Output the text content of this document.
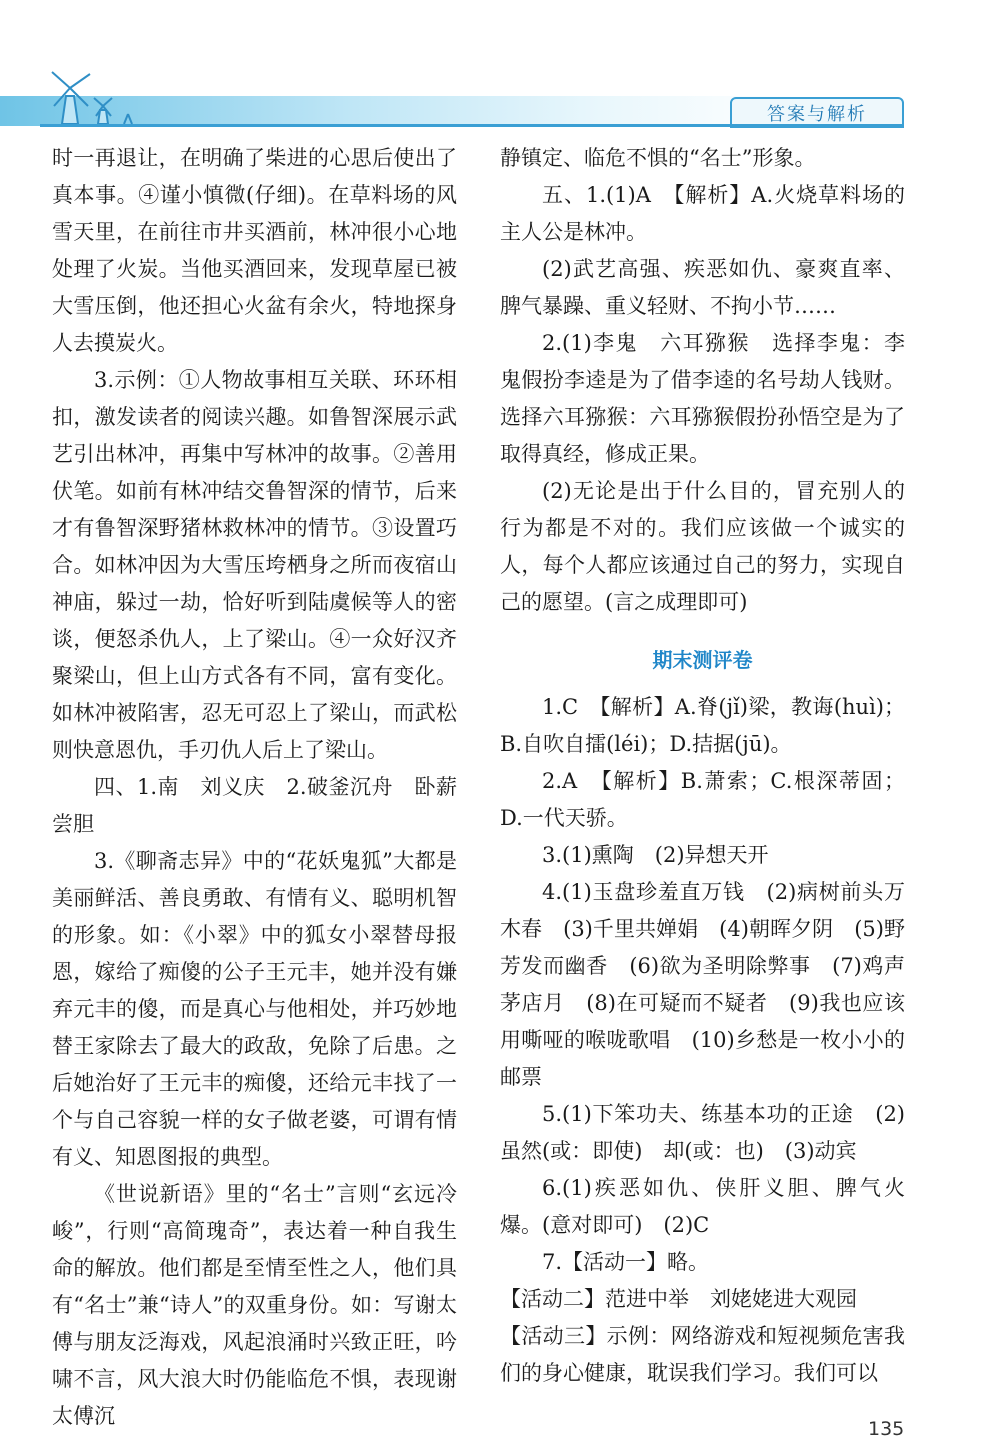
答案与解析

时一再退让，在明确了柴进的心思后使出了真本事。④谨小慎微(仔细)。在草料场的风雪天里，在前往市井买酒前，林冲很小心地处理了火炭。当他买酒回来，发现草屋已被大雪压倒，他还担心火盆有余火，特地探身人去摸炭火。

3.示例：①人物故事相互关联、环环相扣，激发读者的阅读兴趣。如鲁智深展示武艺引出林冲，再集中写林冲的故事。②善用伏笔。如前有林冲结交鲁智深的情节，后来才有鲁智深野猪林救林冲的情节。③设置巧合。如林冲因为大雪压垮栖身之所而夜宿山神庙，躲过一劫，恰好听到陆虞候等人的密谈，便怒杀仇人，上了梁山。④一众好汉齐聚梁山，但上山方式各有不同，富有变化。如林冲被陷害，忍无可忍上了梁山，而武松则快意恩仇，手刃仇人后上了梁山。

四、1.南　刘义庆　2.破釜沉舟　卧薪尝胆

3.《聊斋志异》中的“花妖鬼狐”大都是美丽鲜活、善良勇敢、有情有义、聪明机智的形象。如：《小翠》中的狐女小翠替母报恩，嫁给了痴傻的公子王元丰，她并没有嫌弃元丰的傻，而是真心与他相处，并巧妙地替王家除去了最大的政敌，免除了后患。之后她治好了王元丰的痴傻，还给元丰找了一个与自己容貌一样的女子做老婆，可谓有情有义、知恩图报的典型。

《世说新语》里的“名士”言则“玄远冷峻”，行则“高简瑰奇”，表达着一种自我生命的解放。他们都是至情至性之人，他们具有“名士”兼“诗人”的双重身份。如：写谢太傅与朋友泛海戏，风起浪涌时兴致正旺，吟啸不言，风大浪大时仍能临危不惧，表现谢太傅沉

静镇定、临危不惧的“名士”形象。

五、1.(1)A　【解析】A.火烧草料场的主人公是林冲。

(2)武艺高强、疾恶如仇、豪爽直率、脾气暴躁、重义轻财、不拘小节……

2.(1)李鬼　六耳猕猴　选择李鬼：李鬼假扮李逵是为了借李逵的名号劫人钱财。选择六耳猕猴：六耳猕猴假扮孙悟空是为了取得真经，修成正果。

(2)无论是出于什么目的，冒充别人的行为都是不对的。我们应该做一个诚实的人，每个人都应该通过自己的努力，实现自己的愿望。(言之成理即可)

期末测评卷

1.C　【解析】A.脊(jǐ)梁，教诲(huì)；B.自吹自擂(léi)；D.拮据(jū)。

2.A　【解析】B.萧索；C.根深蒂固；D.一代天骄。

3.(1)熏陶　(2)异想天开

4.(1)玉盘珍羞直万钱　(2)病树前头万木春　(3)千里共婵娟　(4)朝晖夕阴　(5)野芳发而幽香　(6)欲为圣明除弊事　(7)鸡声茅店月　(8)在可疑而不疑者　(9)我也应该用嘶哑的喉咙歌唱　(10)乡愁是一枚小小的邮票

5.(1)下笨功夫、练基本功的正途　(2)虽然(或：即使)　却(或：也)　(3)动宾

6.(1)疾恶如仇、侠肝义胆、脾气火爆。(意对即可)　(2)C

7.【活动一】略。

【活动二】范进中举　刘姥姥进大观园

【活动三】示例：网络游戏和短视频危害我们的身心健康，耽误我们学习。我们可以

135
